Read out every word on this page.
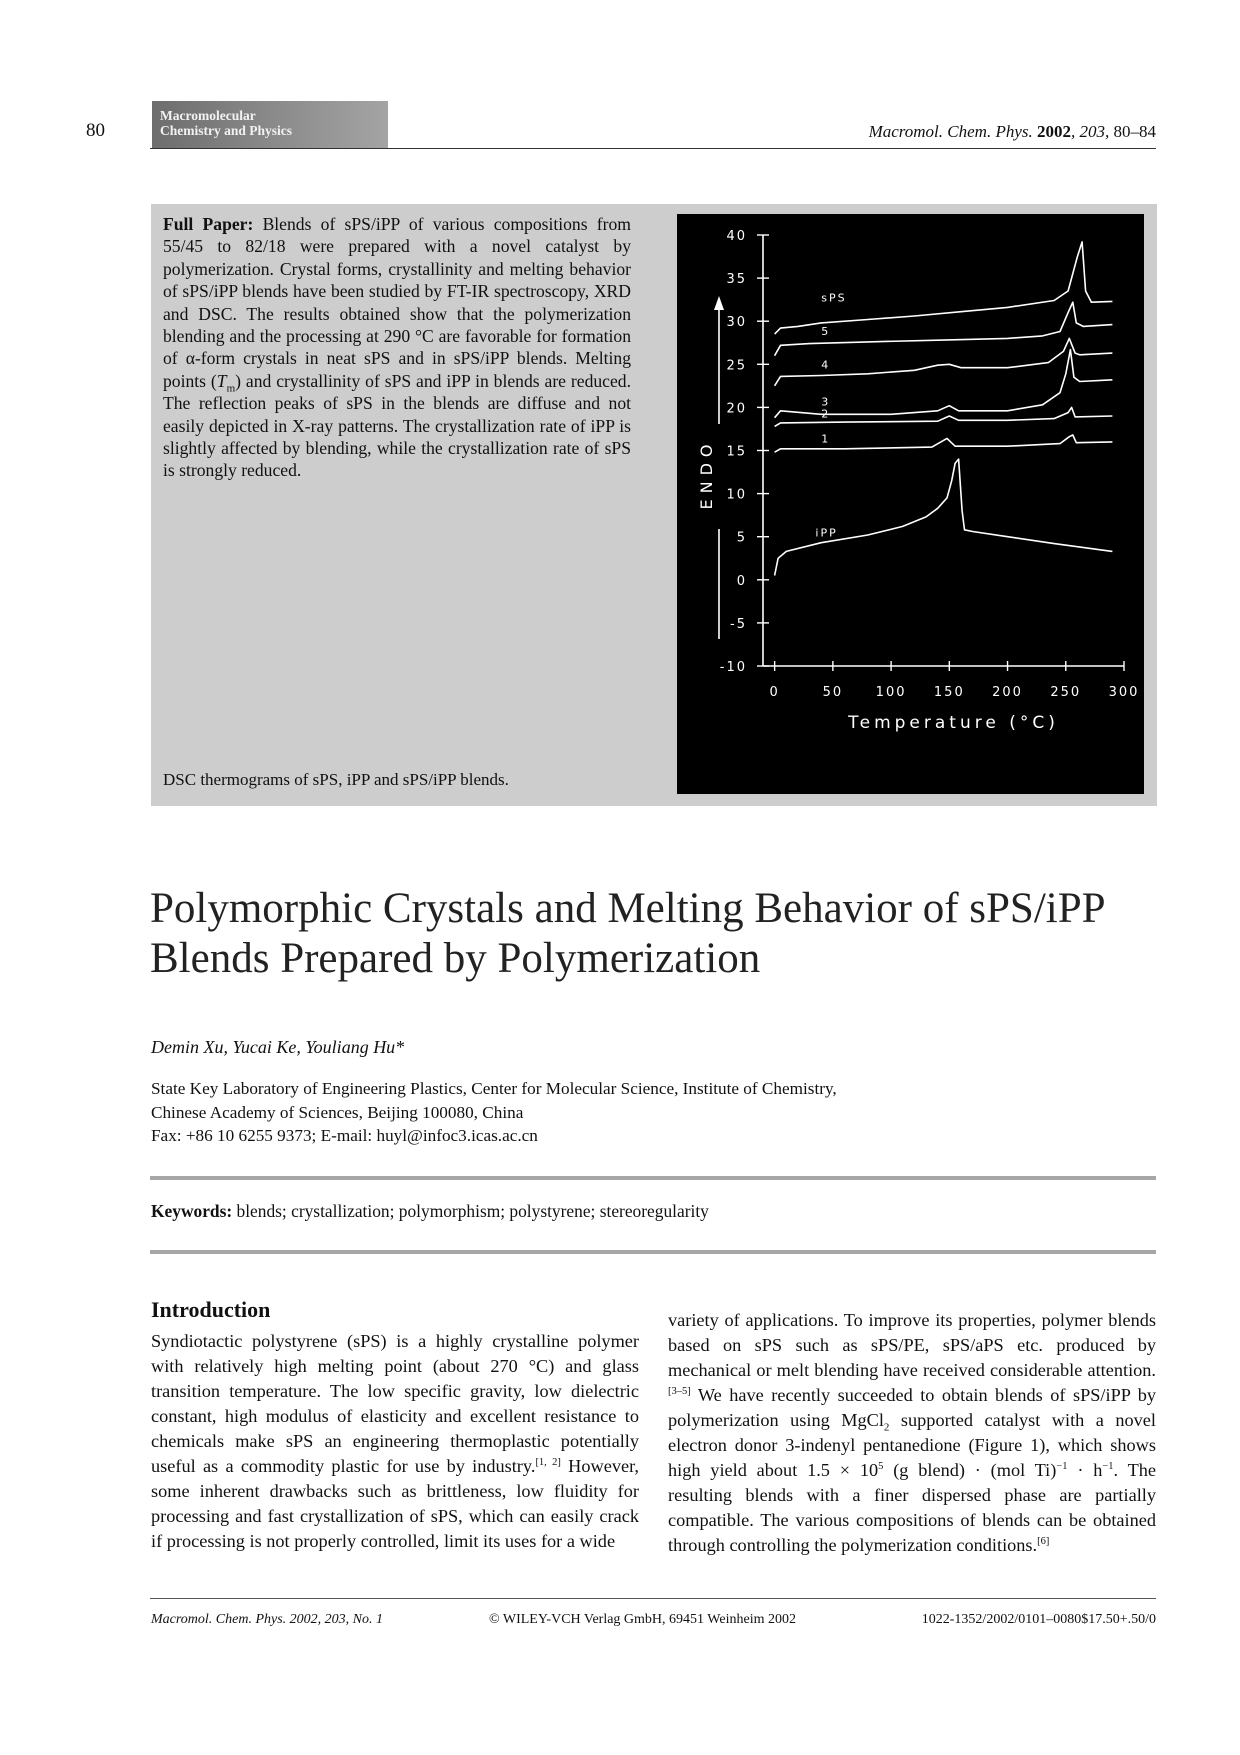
80
Macromolecular
Chemistry and Physics	Macromol. Chem. Phys. 2002, 203, 80–84
Full Paper: Blends of sPS/iPP of various compositions from 55/45 to 82/18 were prepared with a novel catalyst by polymerization. Crystal forms, crystallinity and melting behavior of sPS/iPP blends have been studied by FT-IR spectroscopy, XRD and DSC. The results obtained show that the polymerization blending and the processing at 290 °C are favorable for formation of α-form crystals in neat sPS and in sPS/iPP blends. Melting points $(T_m)$ and crystallinity of sPS and iPP in blends are reduced. The reflection peaks of sPS in the blends are diffuse and not easily depicted in X-ray patterns. The crystallization rate of iPP is slightly affected by blending, while the crystallization rate of sPS is strongly reduced.
DSC thermograms of sPS, iPP and sPS/iPP blends.
40
35
30
25
20
15
10
5
0
-5
-10
0	50	100 150 200 250 300
Temperature (°C)
ENDO
sPS
5
4
3
2
1
iPP
Polymorphic Crystals and Melting Behavior of sPS/iPP Blends Prepared by Polymerization
Demin Xu, Yucai Ke, Youliang Hu*
State Key Laboratory of Engineering Plastics, Center for Molecular Science, Institute of Chemistry,
Chinese Academy of Sciences, Beijing 100080, China
Fax: +86 10 6255 9373; E-mail: huyl@infoc3.icas.ac.cn
Keywords: blends; crystallization; polymorphism; polystyrene; stereoregularity
Introduction
Syndiotactic polystyrene (sPS) is a highly crystalline polymer with relatively high melting point (about 270 °C) and glass transition temperature. The low specific gravity, low dielectric constant, high modulus of elasticity and excellent resistance to chemicals make sPS an engineering thermoplastic potentially useful as a commodity plastic for use by industry.[1, 2] However, some inherent drawbacks such as brittleness, low fluidity for processing and fast crystallization of sPS, which can easily crack if processing is not properly controlled, limit its uses for a wide
variety of applications. To improve its properties, polymer blends based on sPS such as sPS/PE, sPS/aPS etc. produced by mechanical or melt blending have received considerable attention.[3–5] We have recently succeeded to obtain blends of sPS/iPP by polymerization using MgCl$_2$ supported catalyst with a novel electron donor 3-indenyl pentanedione (Figure 1), which shows high yield about $1.5 \times 10^5$ (g blend) · (mol $Ti)^{-1} \cdot h^{-1}$. The resulting blends with a finer dispersed phase are partially compatible. The various compositions of blends can be obtained through controlling the polymerization conditions.[6]
Macromol. Chem. Phys. 2002, 203, No. 1	© WILEY-VCH Verlag GmbH, 69451 Weinheim 2002	1022-1352/2002/0101–0080$17.50+.50/0
